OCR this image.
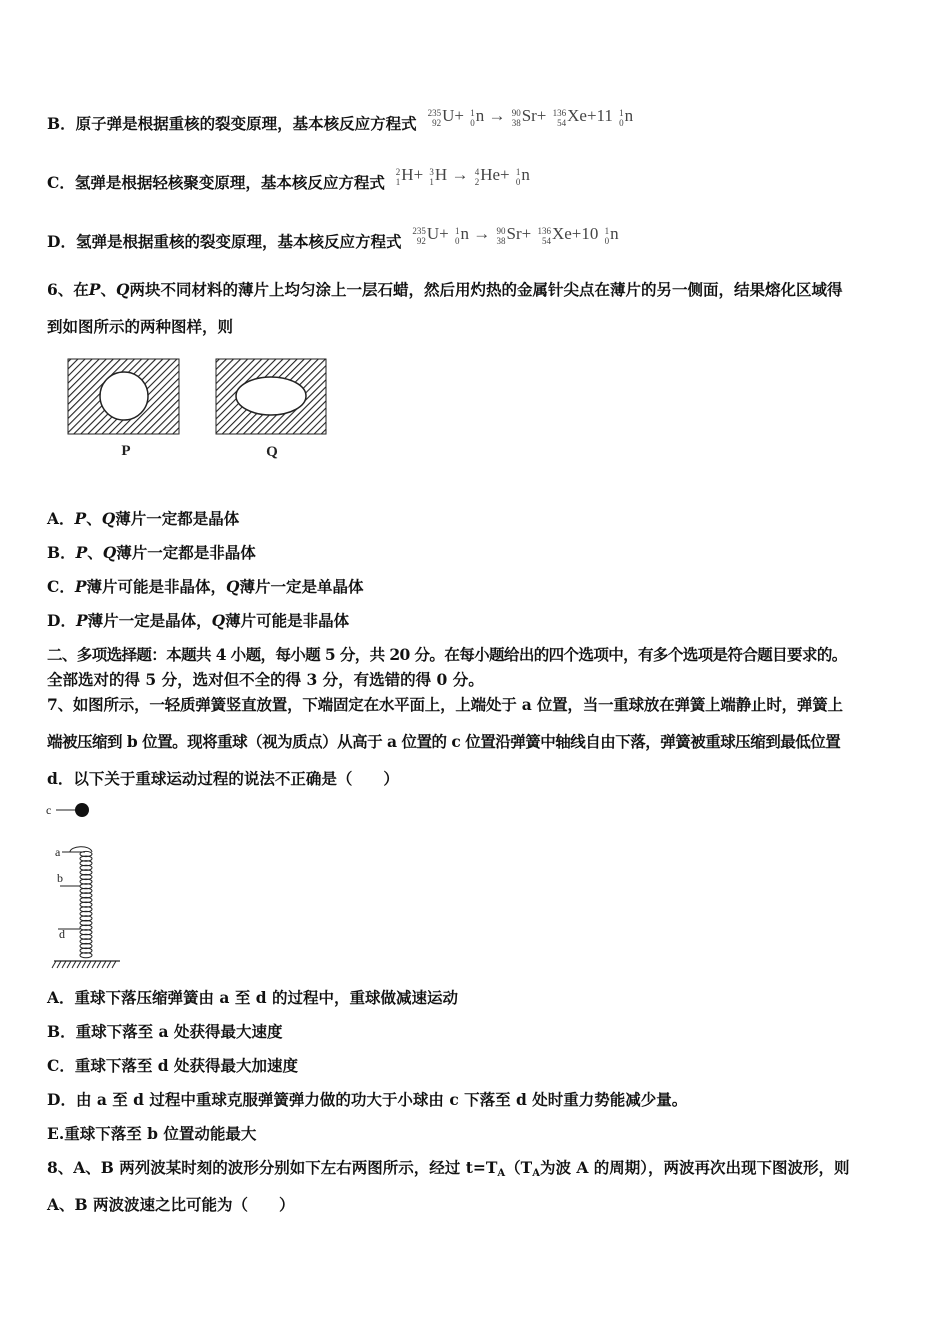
B．原子弹是根据重核的裂变原理，基本核反应方程式
235
92 U+ 1
0 n → 90
38 Sr+ 136
54 Xe+11 1
0 n
C．氢弹是根据轻核聚变原理，基本核反应方程式
2
1 H+ 3
1 H → 4
2 He+ 1
0 n
D．氢弹是根据重核的裂变原理，基本核反应方程式
235
92 U+ 1
0 n → 90
38 Sr+ 136
54 Xe+10 1
0 n
6、在P、Q两块不同材料的薄片上均匀涂上一层石蜡，然后用灼热的金属针尖点在薄片的另一侧面，结果熔化区域得
到如图所示的两种图样，则
P	Q
A．P、Q薄片一定都是晶体
B．P、Q薄片一定都是非晶体
C．P薄片可能是非晶体，Q薄片一定是单晶体
D．P薄片一定是晶体，Q薄片可能是非晶体
二、多项选择题：本题共 4 小题，每小题 5 分，共 20 分。在每小题给出的四个选项中，有多个选项是符合题目要求的。
全部选对的得 5 分，选对但不全的得 3 分，有选错的得 0 分。
7、如图所示，一轻质弹簧竖直放置，下端固定在水平面上，上端处于 a 位置，当一重球放在弹簧上端静止时，弹簧上
端被压缩到 b 位置。现将重球（视为质点）从高于 a 位置的 c 位置沿弹簧中轴线自由下落，弹簧被重球压缩到最低位置
d．以下关于重球运动过程的说法不正确是（　　）
c
a
b
d
A．重球下落压缩弹簧由 a 至 d 的过程中，重球做减速运动
B．重球下落至 a 处获得最大速度
C．重球下落至 d 处获得最大加速度
D．由 a 至 d 过程中重球克服弹簧弹力做的功大于小球由 c 下落至 d 处时重力势能减少量。
E.重球下落至 b 位置动能最大
8、A、B 两列波某时刻的波形分别如下左右两图所示，经过 $t=T_A(T_A$为波 A 的周期），两波再次出现下图波形，则
A、B 两波波速之比可能为（　　）
